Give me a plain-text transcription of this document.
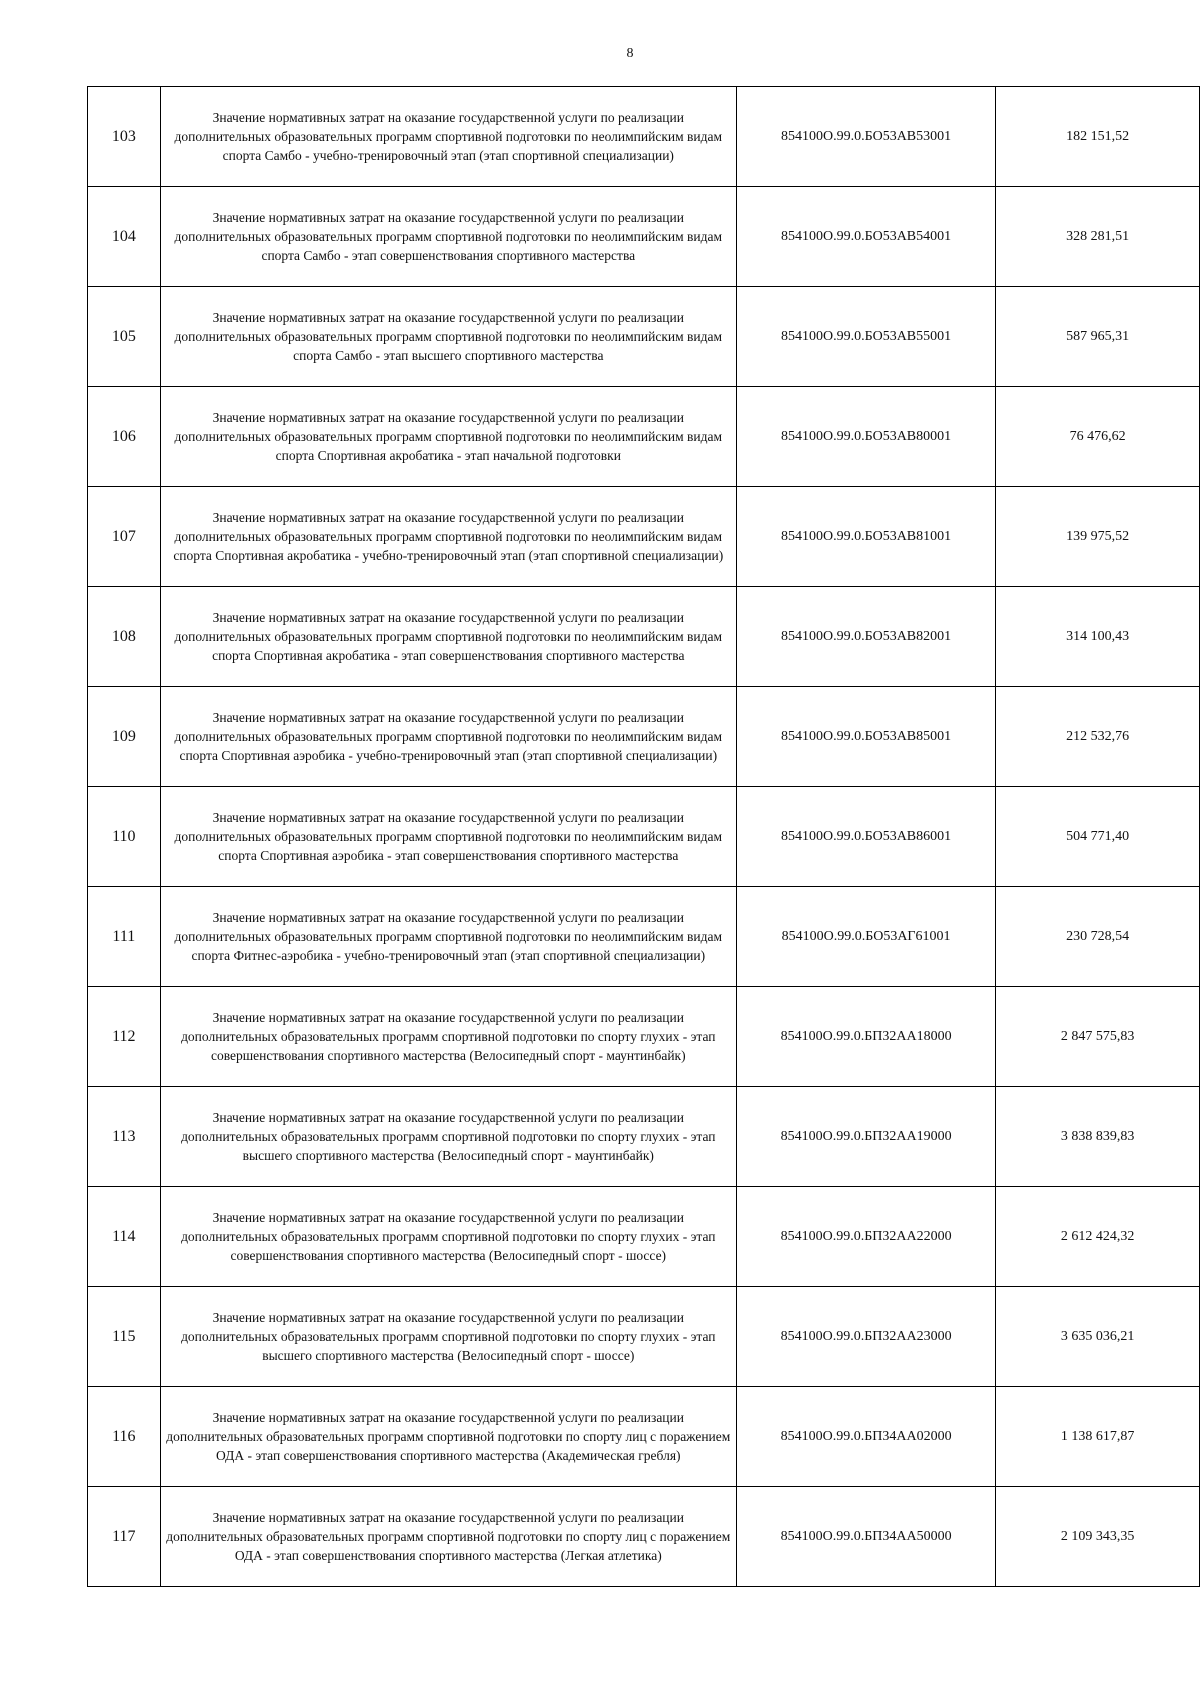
8
103	Значение нормативных затрат на оказание государственной услуги по реализации дополнительных образовательных программ спортивной подготовки по неолимпийским видам спорта Самбо - учебно-тренировочный этап (этап спортивной специализации)	854100О.99.0.БО53АВ53001	182 151,52
104	Значение нормативных затрат на оказание государственной услуги по реализации дополнительных образовательных программ спортивной подготовки по неолимпийским видам спорта Самбо - этап совершенствования спортивного мастерства	854100О.99.0.БО53АВ54001	328 281,51
105	Значение нормативных затрат на оказание государственной услуги по реализации дополнительных образовательных программ спортивной подготовки по неолимпийским видам спорта Самбо - этап высшего спортивного мастерства	854100О.99.0.БО53АВ55001	587 965,31
106	Значение нормативных затрат на оказание государственной услуги по реализации дополнительных образовательных программ спортивной подготовки по неолимпийским видам спорта Спортивная акробатика - этап начальной подготовки	854100О.99.0.БО53АВ80001	76 476,62
107	Значение нормативных затрат на оказание государственной услуги по реализации дополнительных образовательных программ спортивной подготовки по неолимпийским видам спорта Спортивная акробатика - учебно-тренировочный этап (этап спортивной специализации)	854100О.99.0.БО53АВ81001	139 975,52
108	Значение нормативных затрат на оказание государственной услуги по реализации дополнительных образовательных программ спортивной подготовки по неолимпийским видам спорта Спортивная акробатика - этап совершенствования спортивного мастерства	854100О.99.0.БО53АВ82001	314 100,43
109	Значение нормативных затрат на оказание государственной услуги по реализации дополнительных образовательных программ спортивной подготовки по неолимпийским видам спорта Спортивная аэробика - учебно-тренировочный этап (этап спортивной специализации)	854100О.99.0.БО53АВ85001	212 532,76
110	Значение нормативных затрат на оказание государственной услуги по реализации дополнительных образовательных программ спортивной подготовки по неолимпийским видам спорта Спортивная аэробика - этап совершенствования спортивного мастерства	854100О.99.0.БО53АВ86001	504 771,40
111	Значение нормативных затрат на оказание государственной услуги по реализации дополнительных образовательных программ спортивной подготовки по неолимпийским видам спорта Фитнес-аэробика - учебно-тренировочный этап (этап спортивной специализации)	854100О.99.0.БО53АГ61001	230 728,54
112	Значение нормативных затрат на оказание государственной услуги по реализации дополнительных образовательных программ спортивной подготовки по спорту глухих - этап совершенствования спортивного мастерства (Велосипедный спорт - маунтинбайк)	854100О.99.0.БП32АА18000	2 847 575,83
113	Значение нормативных затрат на оказание государственной услуги по реализации дополнительных образовательных программ спортивной подготовки по спорту глухих - этап высшего спортивного мастерства (Велосипедный спорт - маунтинбайк)	854100О.99.0.БП32АА19000	3 838 839,83
114	Значение нормативных затрат на оказание государственной услуги по реализации дополнительных образовательных программ спортивной подготовки по спорту глухих - этап совершенствования спортивного мастерства (Велосипедный спорт - шоссе)	854100О.99.0.БП32АА22000	2 612 424,32
115	Значение нормативных затрат на оказание государственной услуги по реализации дополнительных образовательных программ спортивной подготовки по спорту глухих - этап высшего спортивного мастерства (Велосипедный спорт - шоссе)	854100О.99.0.БП32АА23000	3 635 036,21
116	Значение нормативных затрат на оказание государственной услуги по реализации дополнительных образовательных программ спортивной подготовки по спорту лиц с поражением ОДА - этап совершенствования спортивного мастерства (Академическая гребля)	854100О.99.0.БП34АА02000	1 138 617,87
117	Значение нормативных затрат на оказание государственной услуги по реализации дополнительных образовательных программ спортивной подготовки по спорту лиц с поражением ОДА - этап совершенствования спортивного мастерства (Легкая атлетика)	854100О.99.0.БП34АА50000	2 109 343,35
